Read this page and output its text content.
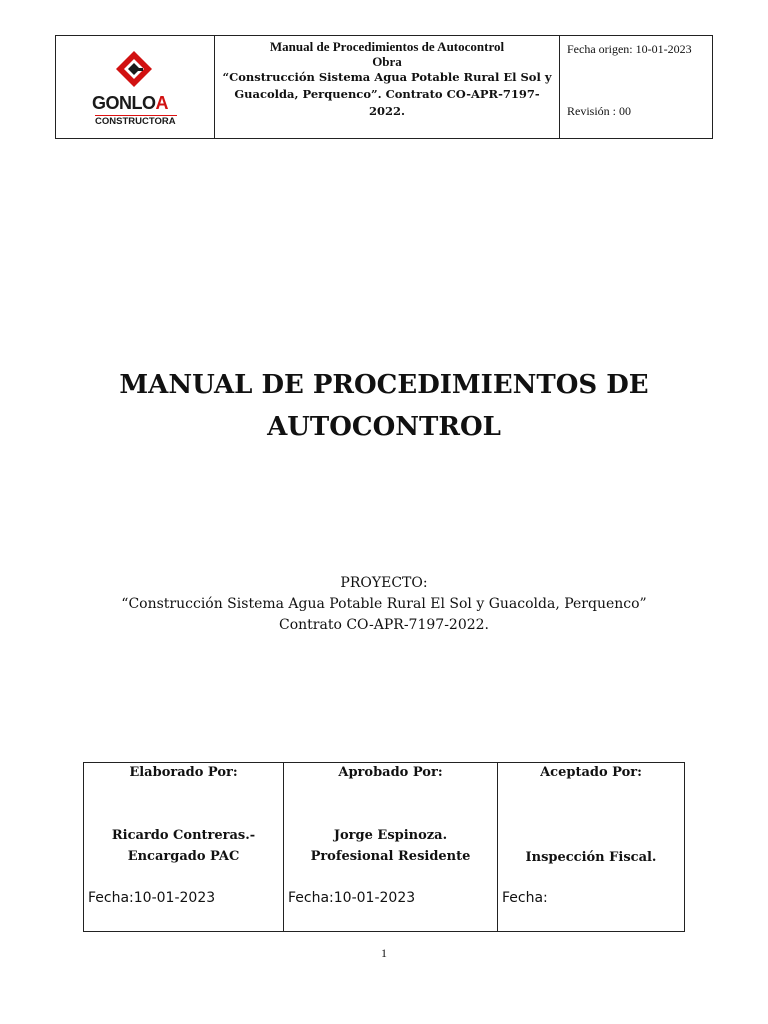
GONLOA
CONSTRUCTORA
Manual de Procedimientos de Autocontrol
Obra
“Construcción Sistema Agua Potable Rural El Sol y Guacolda, Perquenco”. Contrato CO-APR-7197-2022.
Fecha origen: 10-01-2023
Revisión : 00
MANUAL DE PROCEDIMIENTOS DE
AUTOCONTROL
PROYECTO:
“Construcción Sistema Agua Potable Rural El Sol y Guacolda, Perquenco”
Contrato CO-APR-7197-2022.
Elaborado Por:
Ricardo Contreras.-
Encargado PAC
Fecha:10-01-2023
Aprobado Por:
Jorge Espinoza.
Profesional Residente
Fecha:10-01-2023
Aceptado Por:
Inspección Fiscal.
Fecha:
1
